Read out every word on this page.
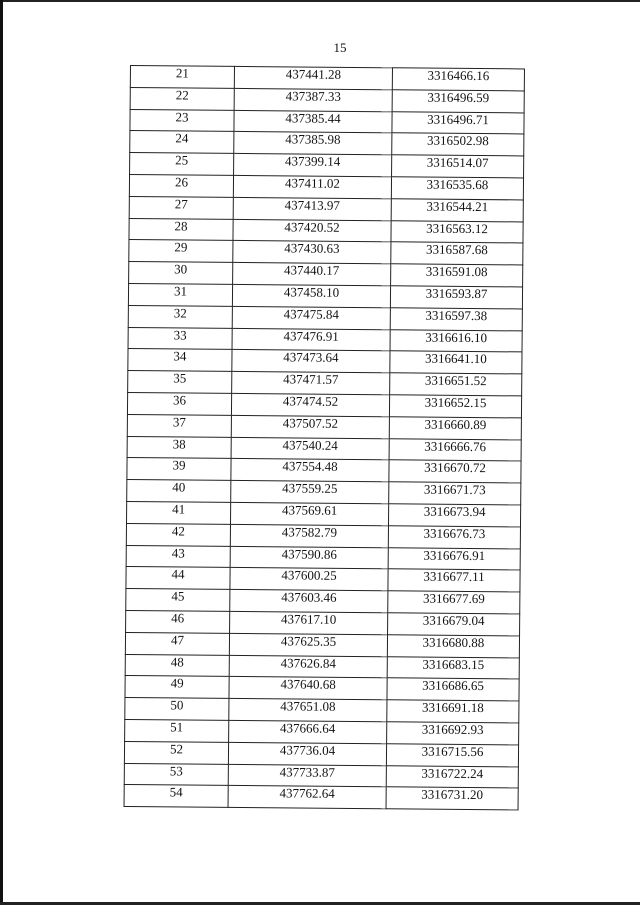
15
21	437441.28	3316466.16
22	437387.33	3316496.59
23	437385.44	3316496.71
24	437385.98	3316502.98
25	437399.14	3316514.07
26	437411.02	3316535.68
27	437413.97	3316544.21
28	437420.52	3316563.12
29	437430.63	3316587.68
30	437440.17	3316591.08
31	437458.10	3316593.87
32	437475.84	3316597.38
33	437476.91	3316616.10
34	437473.64	3316641.10
35	437471.57	3316651.52
36	437474.52	3316652.15
37	437507.52	3316660.89
38	437540.24	3316666.76
39	437554.48	3316670.72
40	437559.25	3316671.73
41	437569.61	3316673.94
42	437582.79	3316676.73
43	437590.86	3316676.91
44	437600.25	3316677.11
45	437603.46	3316677.69
46	437617.10	3316679.04
47	437625.35	3316680.88
48	437626.84	3316683.15
49	437640.68	3316686.65
50	437651.08	3316691.18
51	437666.64	3316692.93
52	437736.04	3316715.56
53	437733.87	3316722.24
54	437762.64	3316731.20
